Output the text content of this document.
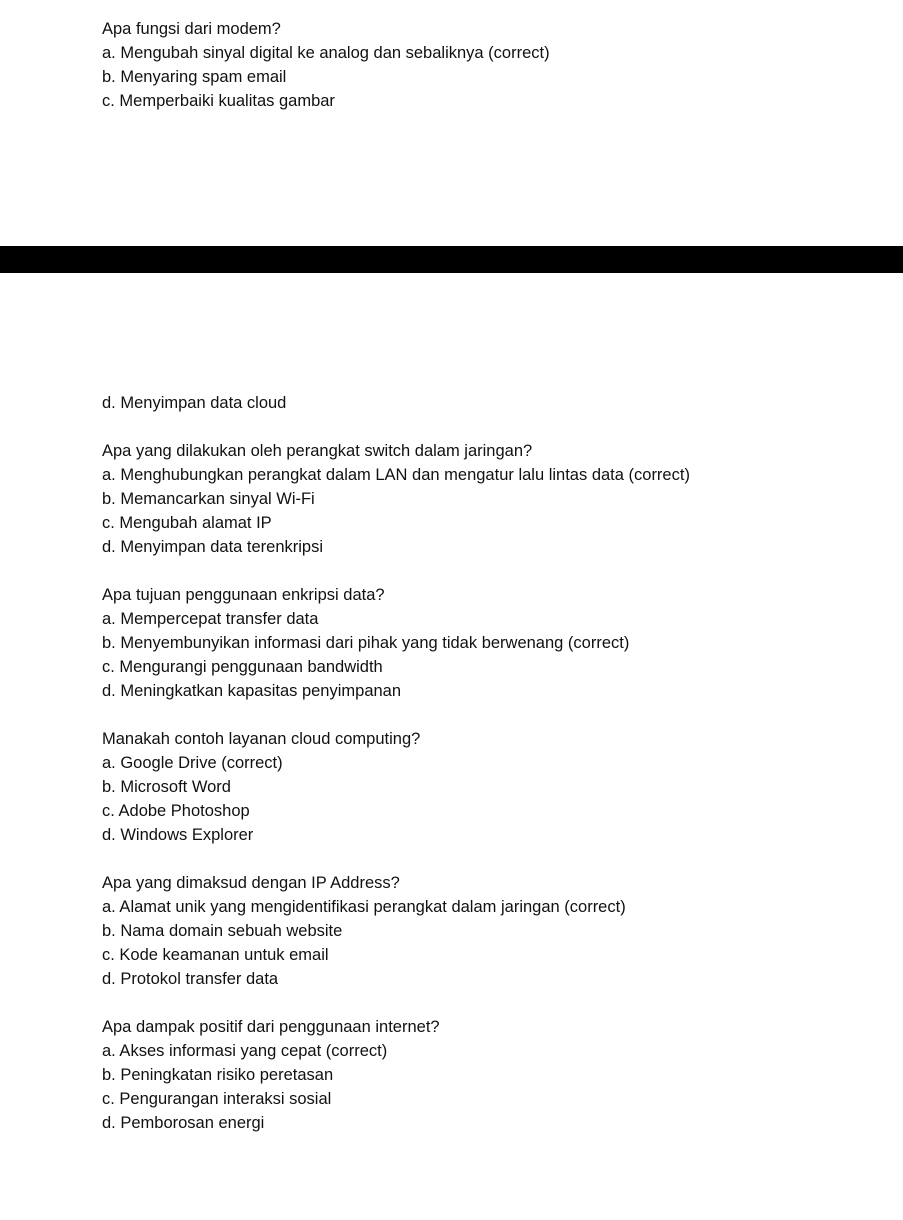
Apa fungsi dari modem?
a. Mengubah sinyal digital ke analog dan sebaliknya (correct)
b. Menyaring spam email
c. Memperbaiki kualitas gambar
d. Menyimpan data cloud
Apa yang dilakukan oleh perangkat switch dalam jaringan?
a. Menghubungkan perangkat dalam LAN dan mengatur lalu lintas data (correct)
b. Memancarkan sinyal Wi-Fi
c. Mengubah alamat IP
d. Menyimpan data terenkripsi
Apa tujuan penggunaan enkripsi data?
a. Mempercepat transfer data
b. Menyembunyikan informasi dari pihak yang tidak berwenang (correct)
c. Mengurangi penggunaan bandwidth
d. Meningkatkan kapasitas penyimpanan
Manakah contoh layanan cloud computing?
a. Google Drive (correct)
b. Microsoft Word
c. Adobe Photoshop
d. Windows Explorer
Apa yang dimaksud dengan IP Address?
a. Alamat unik yang mengidentifikasi perangkat dalam jaringan (correct)
b. Nama domain sebuah website
c. Kode keamanan untuk email
d. Protokol transfer data
Apa dampak positif dari penggunaan internet?
a. Akses informasi yang cepat (correct)
b. Peningkatan risiko peretasan
c. Pengurangan interaksi sosial
d. Pemborosan energi
